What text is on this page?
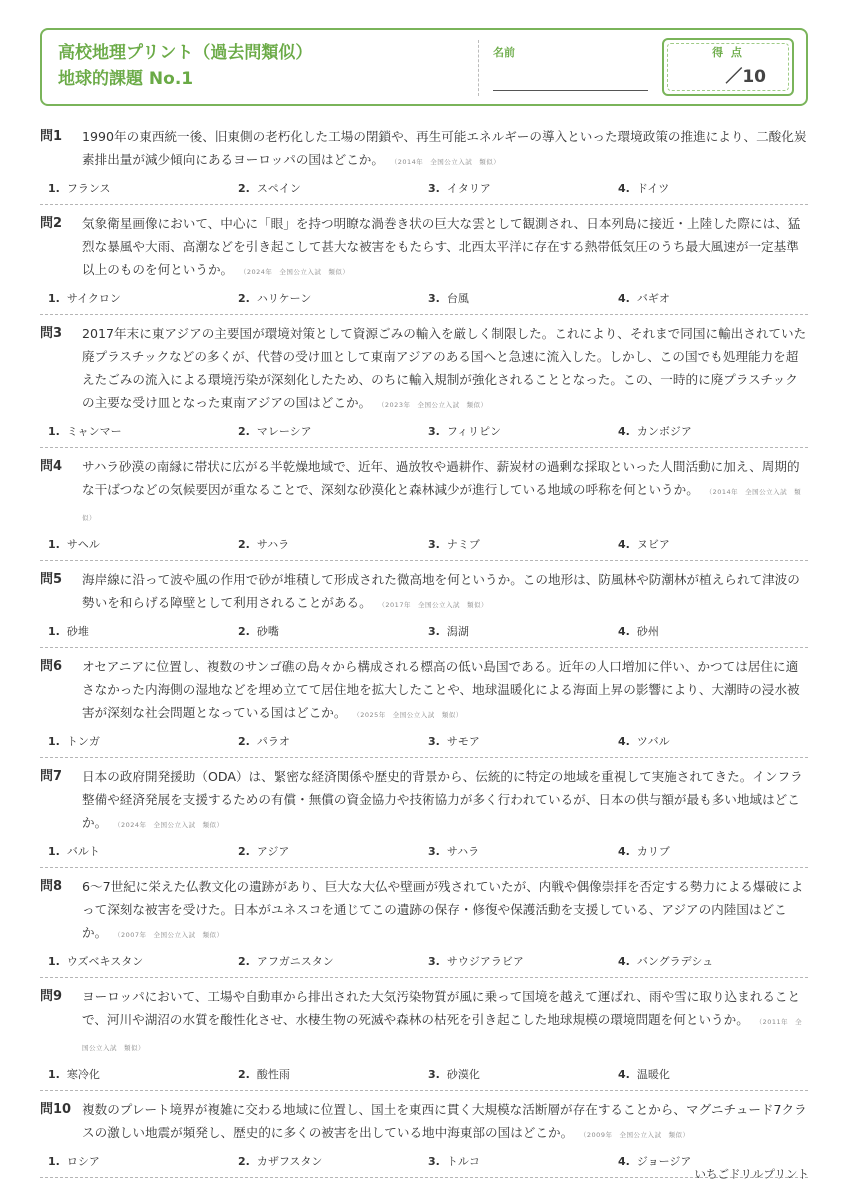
高校地理プリント（過去問類似）
地球的課題 No.1
名前	得 点
／10
問1 1990年の東西統一後、旧東側の老朽化した工場の閉鎖や、再生可能エネルギーの導入といった環境政策の推進により、二酸化炭素排出量が減少傾向にあるヨーロッパの国はどこか。 （2014年　全国公立入試　類似）
1. フランス	2. スペイン	3. イタリア	4. ドイツ
問2 気象衛星画像において、中心に「眼」を持つ明瞭な渦巻き状の巨大な雲として観測され、日本列島に接近・上陸した際には、猛烈な暴風や大雨、高潮などを引き起こして甚大な被害をもたらす、北西太平洋に存在する熱帯低気圧のうち最大風速が一定基準以上のものを何というか。 （2024年　全国公立入試　類似）
1. サイクロン	2. ハリケーン	3. 台風	4. バギオ
問3 2017年末に東アジアの主要国が環境対策として資源ごみの輸入を厳しく制限した。これにより、それまで同国に輸出されていた廃プラスチックなどの多くが、代替の受け皿として東南アジアのある国へと急速に流入した。しかし、この国でも処理能力を超えたごみの流入による環境汚染が深刻化したため、のちに輸入規制が強化されることとなった。この、一時的に廃プラスチックの主要な受け皿となった東南アジアの国はどこか。 （2023年　全国公立入試　類似）
1. ミャンマー	2. マレーシア	3. フィリピン	4. カンボジア
問4 サハラ砂漠の南縁に帯状に広がる半乾燥地域で、近年、過放牧や過耕作、薪炭材の過剰な採取といった人間活動に加え、周期的な干ばつなどの気候要因が重なることで、深刻な砂漠化と森林減少が進行している地域の呼称を何というか。 （2014年　全国公立入試　類似）
1. サヘル	2. サハラ	3. ナミブ	4. ヌビア
問5 海岸線に沿って波や風の作用で砂が堆積して形成された微高地を何というか。この地形は、防風林や防潮林が植えられて津波の勢いを和らげる障壁として利用されることがある。 （2017年　全国公立入試　類似）
1. 砂堆	2. 砂嘴	3. 潟湖	4. 砂州
問6 オセアニアに位置し、複数のサンゴ礁の島々から構成される標高の低い島国である。近年の人口増加に伴い、かつては居住に適さなかった内海側の湿地などを埋め立てて居住地を拡大したことや、地球温暖化による海面上昇の影響により、大潮時の浸水被害が深刻な社会問題となっている国はどこか。 （2025年　全国公立入試　類似）
1. トンガ	2. パラオ	3. サモア	4. ツバル
問7 日本の政府開発援助（ODA）は、緊密な経済関係や歴史的背景から、伝統的に特定の地域を重視して実施されてきた。インフラ整備や経済発展を支援するための有償・無償の資金協力や技術協力が多く行われているが、日本の供与額が最も多い地域はどこか。 （2024年　全国公立入試　類似）
1. バルト	2. アジア	3. サハラ	4. カリブ
問8 6〜7世紀に栄えた仏教文化の遺跡があり、巨大な大仏や壁画が残されていたが、内戦や偶像崇拝を否定する勢力による爆破によって深刻な被害を受けた。日本がユネスコを通じてこの遺跡の保存・修復や保護活動を支援している、アジアの内陸国はどこか。 （2007年　全国公立入試　類似）
1. ウズベキスタン	2. アフガニスタン	3. サウジアラビア	4. バングラデシュ
問9 ヨーロッパにおいて、工場や自動車から排出された大気汚染物質が風に乗って国境を越えて運ばれ、雨や雪に取り込まれることで、河川や湖沼の水質を酸性化させ、水棲生物の死滅や森林の枯死を引き起こした地球規模の環境問題を何というか。 （2011年　全国公立入試　類似）
1. 寒冷化	2. 酸性雨	3. 砂漠化	4. 温暖化
問10 複数のプレート境界が複雑に交わる地域に位置し、国土を東西に貫く大規模な活断層が存在することから、マグニチュード7クラスの激しい地震が頻発し、歴史的に多くの被害を出している地中海東部の国はどこか。 （2009年　全国公立入試　類似）
1. ロシア	2. カザフスタン	3. トルコ	4. ジョージア
いちごドリルプリント
